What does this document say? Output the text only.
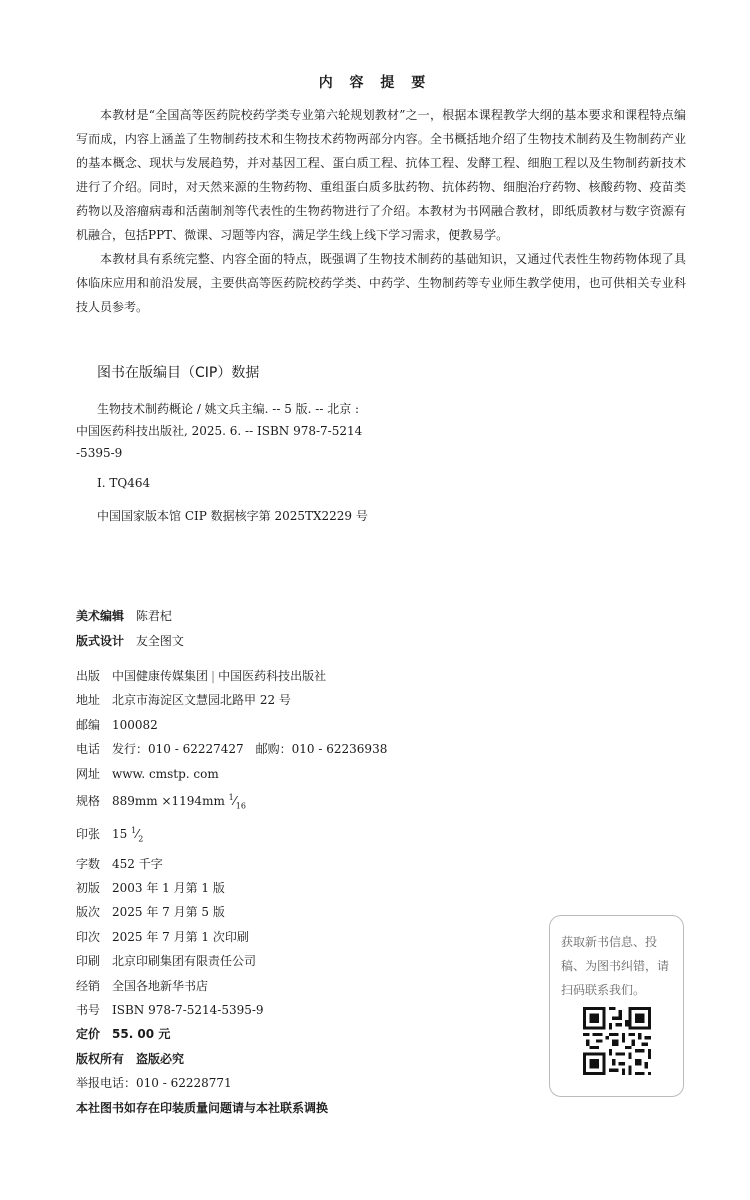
内 容 提 要

本教材是“全国高等医药院校药学类专业第六轮规划教材”之一，根据本课程教学大纲的基本要求和课程特点编写而成，内容上涵盖了生物制药技术和生物技术药物两部分内容。全书概括地介绍了生物技术制药及生物制药产业的基本概念、现状与发展趋势，并对基因工程、蛋白质工程、抗体工程、发酵工程、细胞工程以及生物制药新技术进行了介绍。同时，对天然来源的生物药物、重组蛋白质多肽药物、抗体药物、细胞治疗药物、核酸药物、疫苗类药物以及溶瘤病毒和活菌制剂等代表性的生物药物进行了介绍。本教材为书网融合教材，即纸质教材与数字资源有机融合，包括PPT、微课、习题等内容，满足学生线上线下学习需求，便教易学。

本教材具有系统完整、内容全面的特点，既强调了生物技术制药的基础知识，又通过代表性生物药物体现了具体临床应用和前沿发展，主要供高等医药院校药学类、中药学、生物制药等专业师生教学使用，也可供相关专业科技人员参考。

图书在版编目（CIP）数据
生物技术制药概论 / 姚文兵主编. -- 5 版. -- 北京 :
中国医药科技出版社, 2025. 6. -- ISBN 978-7-5214
-5395-9
Ⅰ. TQ464
中国国家版本馆 CIP 数据核字第 2025TX2229 号
美术编辑 陈君杞
版式设计 友全图文
出版 中国健康传媒集团 | 中国医药科技出版社
地址 北京市海淀区文慧园北路甲 22 号
邮编 100082
电话 发行：010 - 62227427　邮购：010 - 62236938
网址 www. cmstp. com
规格 889mm ×1194mm $^1⁄_{16}$
印张 15 $^1⁄_2$
字数 452 千字
初版 2003 年 1 月第 1 版
版次 2025 年 7 月第 5 版
印次 2025 年 7 月第 1 次印刷
印刷 北京印刷集团有限责任公司
经销 全国各地新华书店
书号 ISBN 978-7-5214-5395-9
定价 55. 00 元
版权所有　盗版必究
举报电话：010 - 62228771
本社图书如存在印装质量问题请与本社联系调换
获取新书信息、投稿、为图书纠错，请扫码联系我们。
